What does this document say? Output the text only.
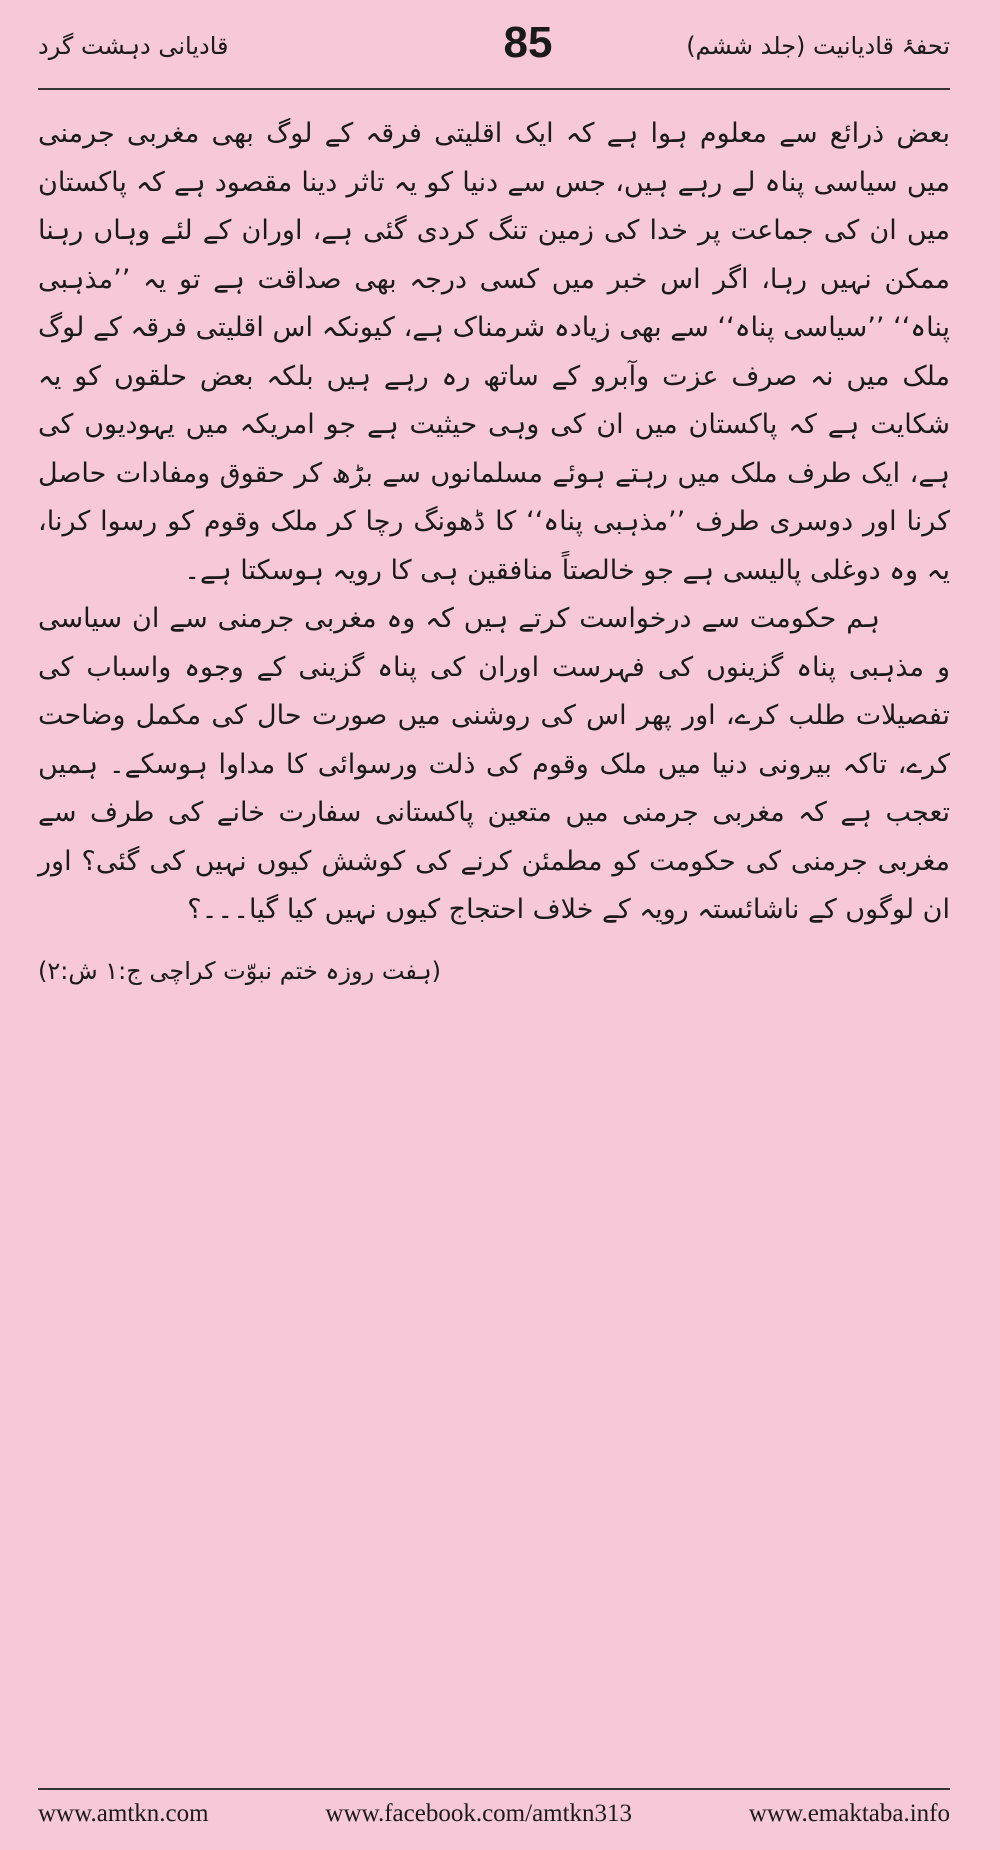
تحفۂ قادیانیت (جلد ششم)
85
قادیانی دہشت گرد

بعض ذرائع سے معلوم ہوا ہے کہ ایک اقلیتی فرقہ کے لوگ بھی مغربی جرمنی میں سیاسی پناہ لے رہے ہیں، جس سے دنیا کو یہ تاثر دینا مقصود ہے کہ پاکستان میں ان کی جماعت پر خدا کی زمین تنگ کردی گئی ہے، اوران کے لئے وہاں رہنا ممکن نہیں رہا، اگر اس خبر میں کسی درجہ بھی صداقت ہے تو یہ ’’مذہبی پناہ‘‘ ’’سیاسی پناہ‘‘ سے بھی زیادہ شرمناک ہے، کیونکہ اس اقلیتی فرقہ کے لوگ ملک میں نہ صرف عزت وآبرو کے ساتھ رہ رہے ہیں بلکہ بعض حلقوں کو یہ شکایت ہے کہ پاکستان میں ان کی وہی حیثیت ہے جو امریکہ میں یہودیوں کی ہے، ایک طرف ملک میں رہتے ہوئے مسلمانوں سے بڑھ کر حقوق ومفادات حاصل کرنا اور دوسری طرف ’’مذہبی پناہ‘‘ کا ڈھونگ رچا کر ملک وقوم کو رسوا کرنا، یہ وہ دوغلی پالیسی ہے جو خالصتاً منافقین ہی کا رویہ ہوسکتا ہے۔

ہم حکومت سے درخواست کرتے ہیں کہ وہ مغربی جرمنی سے ان سیاسی و مذہبی پناہ گزینوں کی فہرست اوران کی پناہ گزینی کے وجوہ واسباب کی تفصیلات طلب کرے، اور پھر اس کی روشنی میں صورت حال کی مکمل وضاحت کرے، تاکہ بیرونی دنیا میں ملک وقوم کی ذلت ورسوائی کا مداوا ہوسکے۔ ہمیں تعجب ہے کہ مغربی جرمنی میں متعین پاکستانی سفارت خانے کی طرف سے مغربی جرمنی کی حکومت کو مطمئن کرنے کی کوشش کیوں نہیں کی گئی؟ اور ان لوگوں کے ناشائستہ رویہ کے خلاف احتجاج کیوں نہیں کیا گیا۔۔۔؟

(ہفت روزہ ختم نبوّت کراچی ج:۱ ش:۲)

www.amtkn.com	www.facebook.com/amtkn313	www.emaktaba.info
